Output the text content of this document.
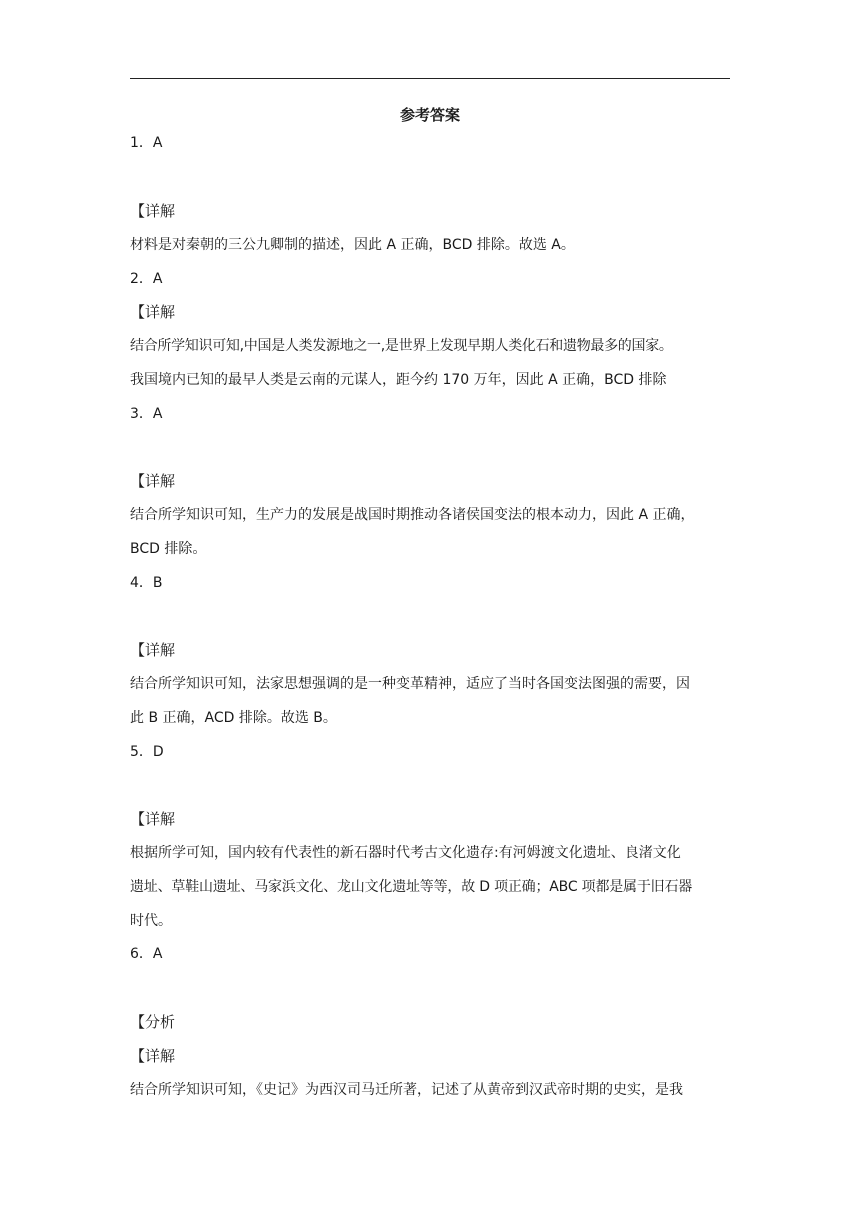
参考答案
1．A
【详解
材料是对秦朝的三公九卿制的描述，因此 A 正确，BCD 排除。故选 A。
2．A
【详解
结合所学知识可知,中国是人类发源地之一,是世界上发现早期人类化石和遗物最多的国家。
我国境内已知的最早人类是云南的元谋人，距今约 170 万年，因此 A 正确，BCD 排除
3．A
【详解
结合所学知识可知，生产力的发展是战国时期推动各诸侯国变法的根本动力，因此 A 正确，
BCD 排除。
4．B
【详解
结合所学知识可知，法家思想强调的是一种变革精神，适应了当时各国变法图强的需要，因
此 B 正确，ACD 排除。故选 B。
5．D
【详解
根据所学可知，国内较有代表性的新石器时代考古文化遗存:有河姆渡文化遗址、良渚文化
遗址、草鞋山遗址、马家浜文化、龙山文化遗址等等，故 D 项正确；ABC 项都是属于旧石器
时代。
6．A
【分析
【详解
结合所学知识可知，《史记》为西汉司马迁所著，记述了从黄帝到汉武帝时期的史实，是我
